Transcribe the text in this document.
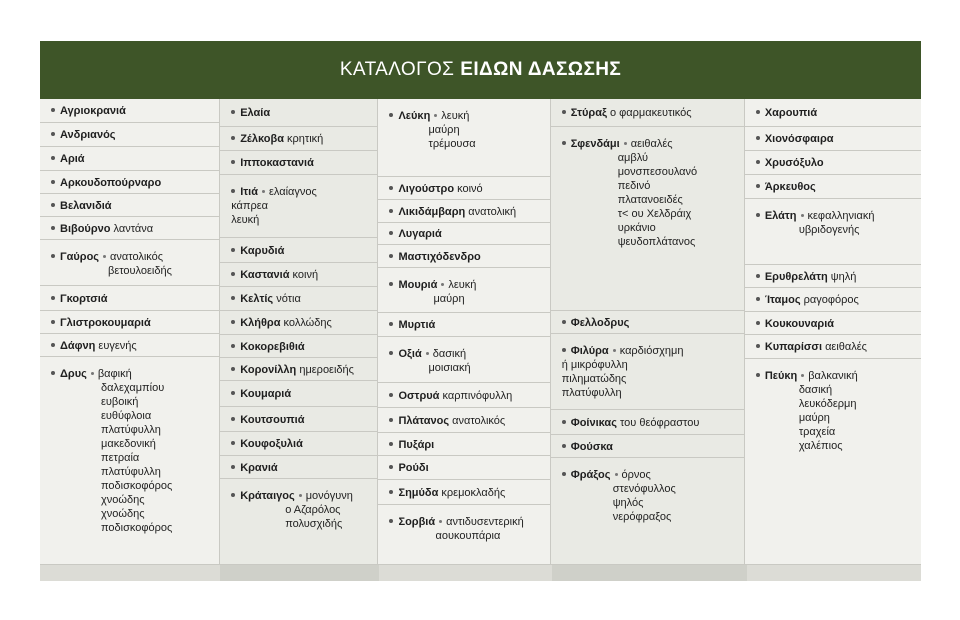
ΚΑΤΑΛΟΓΟΣ ΕΙΔΩΝ ΔΑΣΩΣΗΣ
Αγριοκρανιά
Ανδριανός
Αριά
Αρκουδοπούρναρο
Βελανιδιά
Βιβούρνο λαντάνα
Γαύρος ανατολικός
βετουλοειδής
Γκορτσιά
Γλιστροκουμαριά
Δάφνη ευγενής
Δρυς βαφική
δαλεχαμπίου
ευβοική
ευθύφλοια
πλατύφυλλη
μακεδονική
πετραία
πλατύφυλλη
ποδισκοφόρος
χνοώδης
χνοώδης
ποδισκοφόρος
Ελαία
Ζέλκοβα κρητική
Ιπποκαστανιά
Ιτιά ελαίαγνος
κάπρεα
λευκή
Καρυδιά
Καστανιά κοινή
Κελτίς νότια
Κλήθρα κολλώδης
Κοκορεβιθιά
Κορονίλλη ημεροειδής
Κουμαριά
Κουτσουπιά
Κουφοξυλιά
Κρανιά
Κράταιγος μονόγυνη
ο Αζαρόλος
πολυσχιδής
Λεύκη λευκή
μαύρη
τρέμουσα
Λιγούστρο κοινό
Λικιδάμβαρη ανατολική
Λυγαριά
Μαστιχόδενδρο
Μουριά λευκή
μαύρη
Μυρτιά
Οξιά δασική
μοισιακή
Οστρυά καρπινόφυλλη
Πλάτανος ανατολικός
Πυξάρι
Ρούδι
Σημύδα κρεμοκλαδής
Σορβιά αντιδυσεντερική
αουκουπάρια
Στύραξ ο φαρμακευτικός
Σφενδάμι αειθαλές
αμβλύ
μονσπεσουλανό
πεδινό
πλατανοειδές
τ˂ ου Χελδράιχ
υρκάνιο
ψευδοπλάτανος
Φελλοδρυς
Φιλύρα καρδιόσχημη
ή μικρόφυλλη
πιληματώδης
πλατύφυλλη
Φοίνικας του θεόφραστου
Φούσκα
Φράξος όρνος
στενόφυλλος
ψηλός
νερόφραξος
Χαρουπιά
Χιονόσφαιρα
Χρυσόξυλο
Άρκευθος
Ελάτη κεφαλληνιακή
υβριδογενής
Ερυθρελάτη ψηλή
Ίταμος ραγοφόρος
Κουκουναριά
Κυπαρίσσι αειθαλές
Πεύκη βαλκανική
δασική
λευκόδερμη
μαύρη
τραχεία
χαλέπιος
